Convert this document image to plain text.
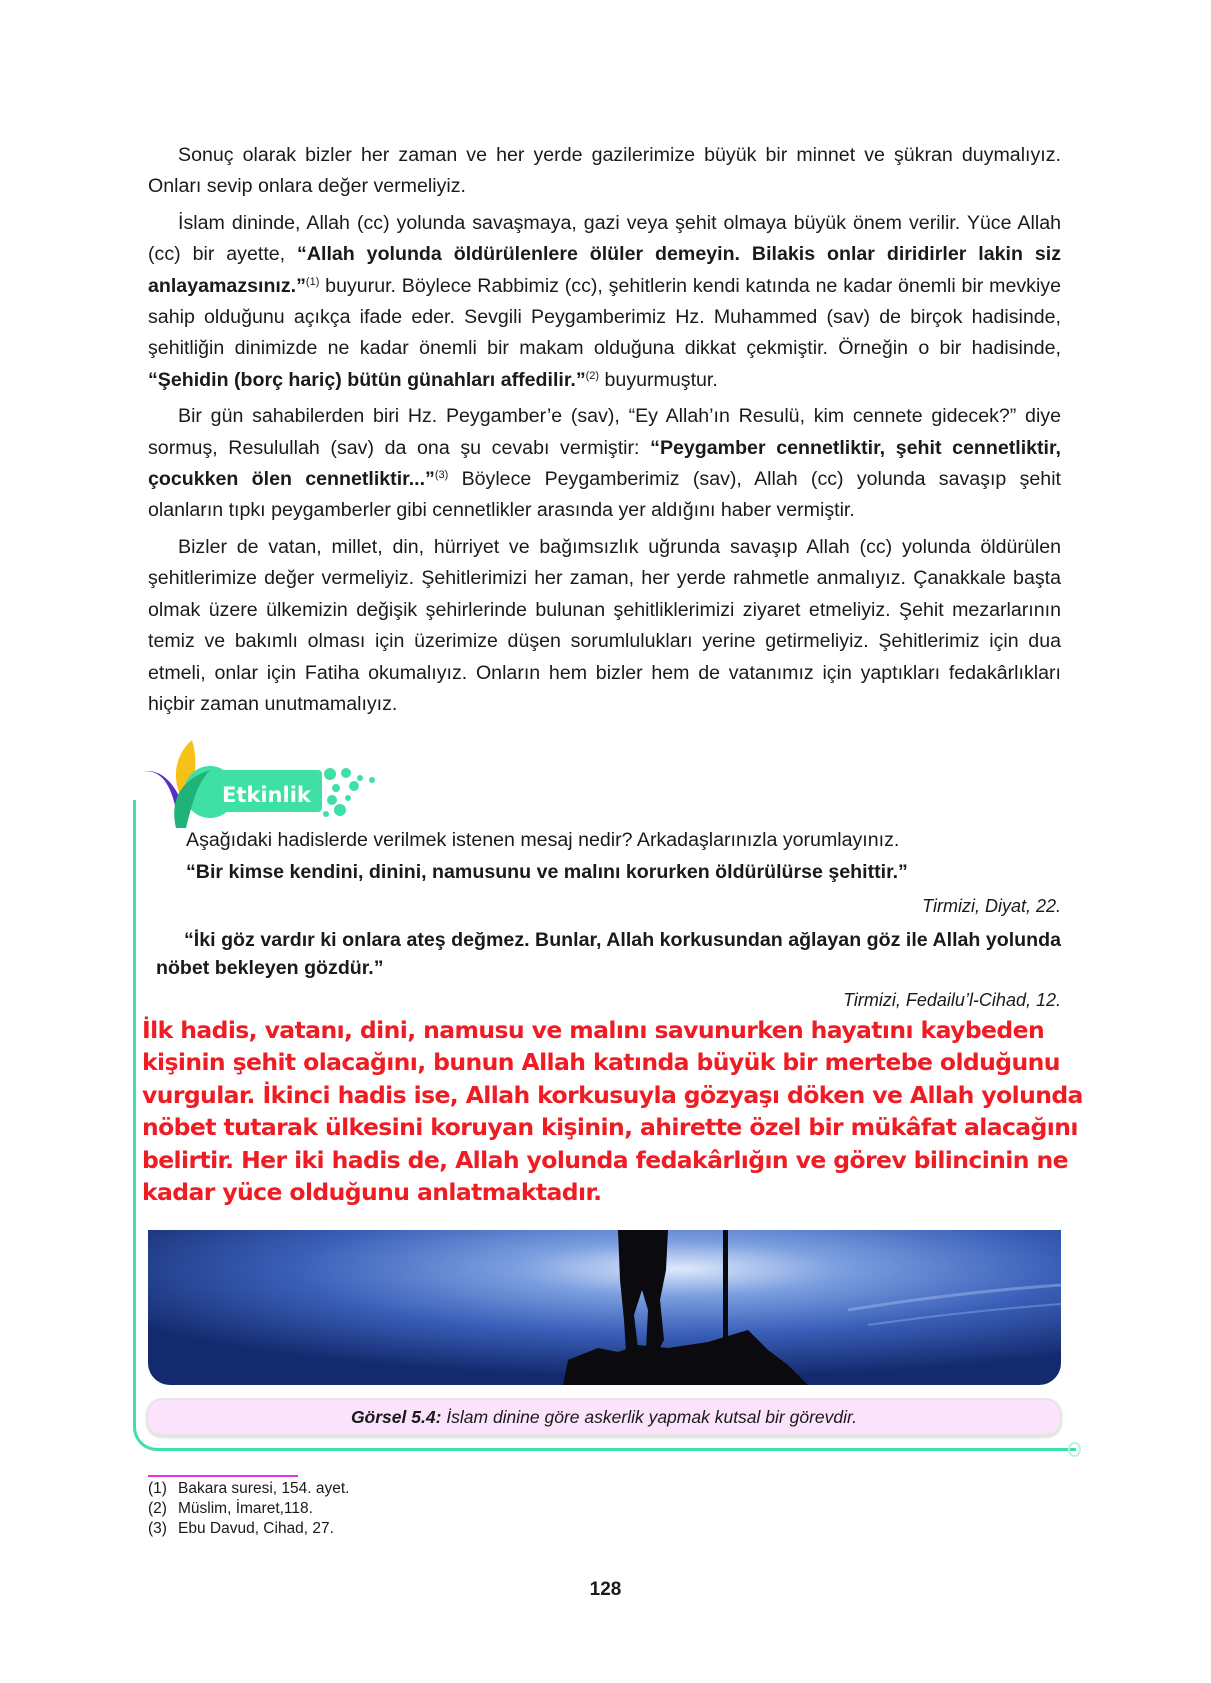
Sonuç olarak bizler her zaman ve her yerde gazilerimize büyük bir minnet ve şükran duymalıyız. Onları sevip onlara değer vermeliyiz.

İslam dininde, Allah (cc) yolunda savaşmaya, gazi veya şehit olmaya büyük önem verilir. Yüce Allah (cc) bir ayette, “Allah yolunda öldürülenlere ölüler demeyin. Bilakis onlar diridirler lakin siz anlayamazsınız.”$^{(1)}$ buyurur. Böylece Rabbimiz (cc), şehitlerin kendi katında ne kadar önemli bir mevkiye sahip olduğunu açıkça ifade eder. Sevgili Peygamberimiz Hz. Muhammed (sav) de birçok hadisinde, şehitliğin dinimizde ne kadar önemli bir makam olduğuna dikkat çekmiştir. Örneğin o bir hadisinde, “Şehidin (borç hariç) bütün günahları affedilir.”$^{(2)}$ buyurmuştur.

Bir gün sahabilerden biri Hz. Peygamber’e (sav), “Ey Allah’ın Resulü, kim cennete gidecek?” diye sormuş, Resulullah (sav) da ona şu cevabı vermiştir: “Peygamber cennetliktir, şehit cennetliktir, çocukken ölen cennetliktir...”$^{(3)}$ Böylece Peygamberimiz (sav), Allah (cc) yolunda savaşıp şehit olanların tıpkı peygamberler gibi cennetlikler arasında yer aldığını haber vermiştir.

Bizler de vatan, millet, din, hürriyet ve bağımsızlık uğrunda savaşıp Allah (cc) yolunda öldürülen şehitlerimize değer vermeliyiz. Şehitlerimizi her zaman, her yerde rahmetle anmalıyız. Çanakkale başta olmak üzere ülkemizin değişik şehirlerinde bulunan şehitliklerimizi ziyaret etmeliyiz. Şehit mezarlarının temiz ve bakımlı olması için üzerimize düşen sorumlulukları yerine getirmeliyiz. Şehitlerimiz için dua etmeli, onlar için Fatiha okumalıyız. Onların hem bizler hem de vatanımız için yaptıkları fedakârlıkları hiçbir zaman unutmamalıyız.

Etkinlik
Aşağıdaki hadislerde verilmek istenen mesaj nedir? Arkadaşlarınızla yorumlayınız.
“Bir kimse kendini, dinini, namusunu ve malını korurken öldürülürse şehittir.”
Tirmizi, Diyat, 22.
“İki göz vardır ki onlara ateş değmez. Bunlar, Allah korkusundan ağlayan göz ile Allah yolunda nöbet bekleyen gözdür.”
Tirmizi, Fedailu’l-Cihad, 12.
İlk hadis, vatanı, dini, namusu ve malını savunurken hayatını kaybeden
kişinin şehit olacağını, bunun Allah katında büyük bir mertebe olduğunu
vurgular. İkinci hadis ise, Allah korkusuyla gözyaşı döken ve Allah yolunda
nöbet tutarak ülkesini koruyan kişinin, ahirette özel bir mükâfat alacağını
belirtir. Her iki hadis de, Allah yolunda fedakârlığın ve görev bilincinin ne
kadar yüce olduğunu anlatmaktadır.
Görsel 5.4: İslam dinine göre askerlik yapmak kutsal bir görevdir.
(1) Bakara suresi, 154. ayet.
(2) Müslim, İmaret,118.
(3) Ebu Davud, Cihad, 27.
128
